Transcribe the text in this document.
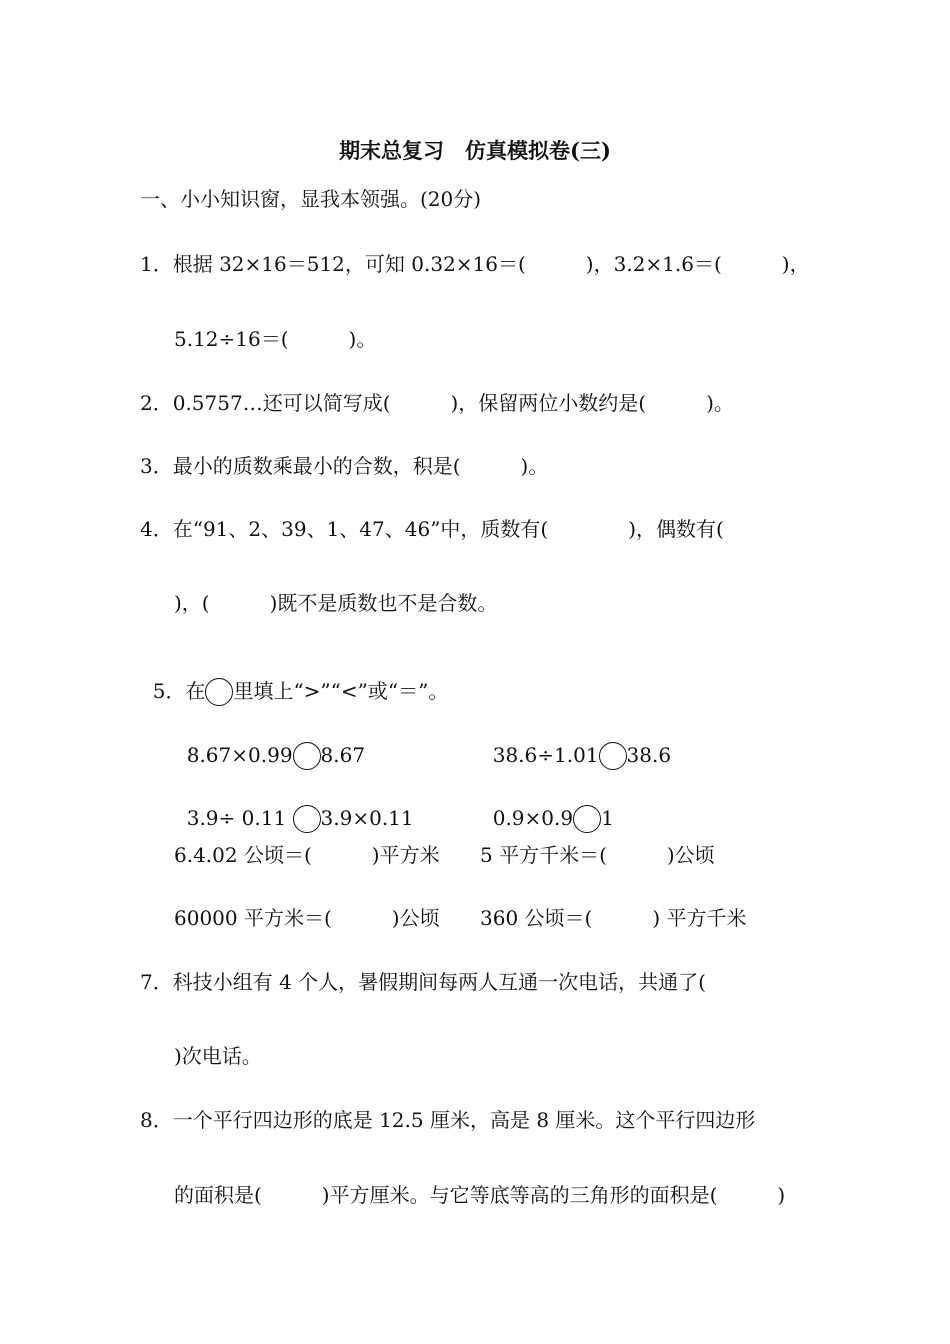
期末总复习　仿真模拟卷(三)
一、小小知识窗，显我本领强。(20分)
1．根据 32×16＝512，可知 0.32×16＝(　　　)，3.2×1.6＝(　　　)，
5.12÷16＝(　　　)。
2．0.5757…还可以简写成(　　　)，保留两位小数约是(　　　)。
3．最小的质数乘最小的合数，积是(　　　)。
4．在“91、2、39、1、47、46”中，质数有(　　　　)，偶数有(
)，(　　　)既不是质数也不是合数。

5．在 里填上“>”“<”或“＝”。

8.67×0.99 8.67	38.6÷1.01 38.6

3.9÷ 0.11 3.9×0.11	0.9×0.9 1

6.4.02 公顷＝(　　　)平方米 5 平方千米＝(　　　)公顷
60000 平方米＝(　　　)公顷 360 公顷＝(　　　) 平方千米
7．科技小组有 4 个人，暑假期间每两人互通一次电话，共通了(
)次电话。
8．一个平行四边形的底是 12.5 厘米，高是 8 厘米。这个平行四边形
的面积是(　　　)平方厘米。与它等底等高的三角形的面积是(　　　)
